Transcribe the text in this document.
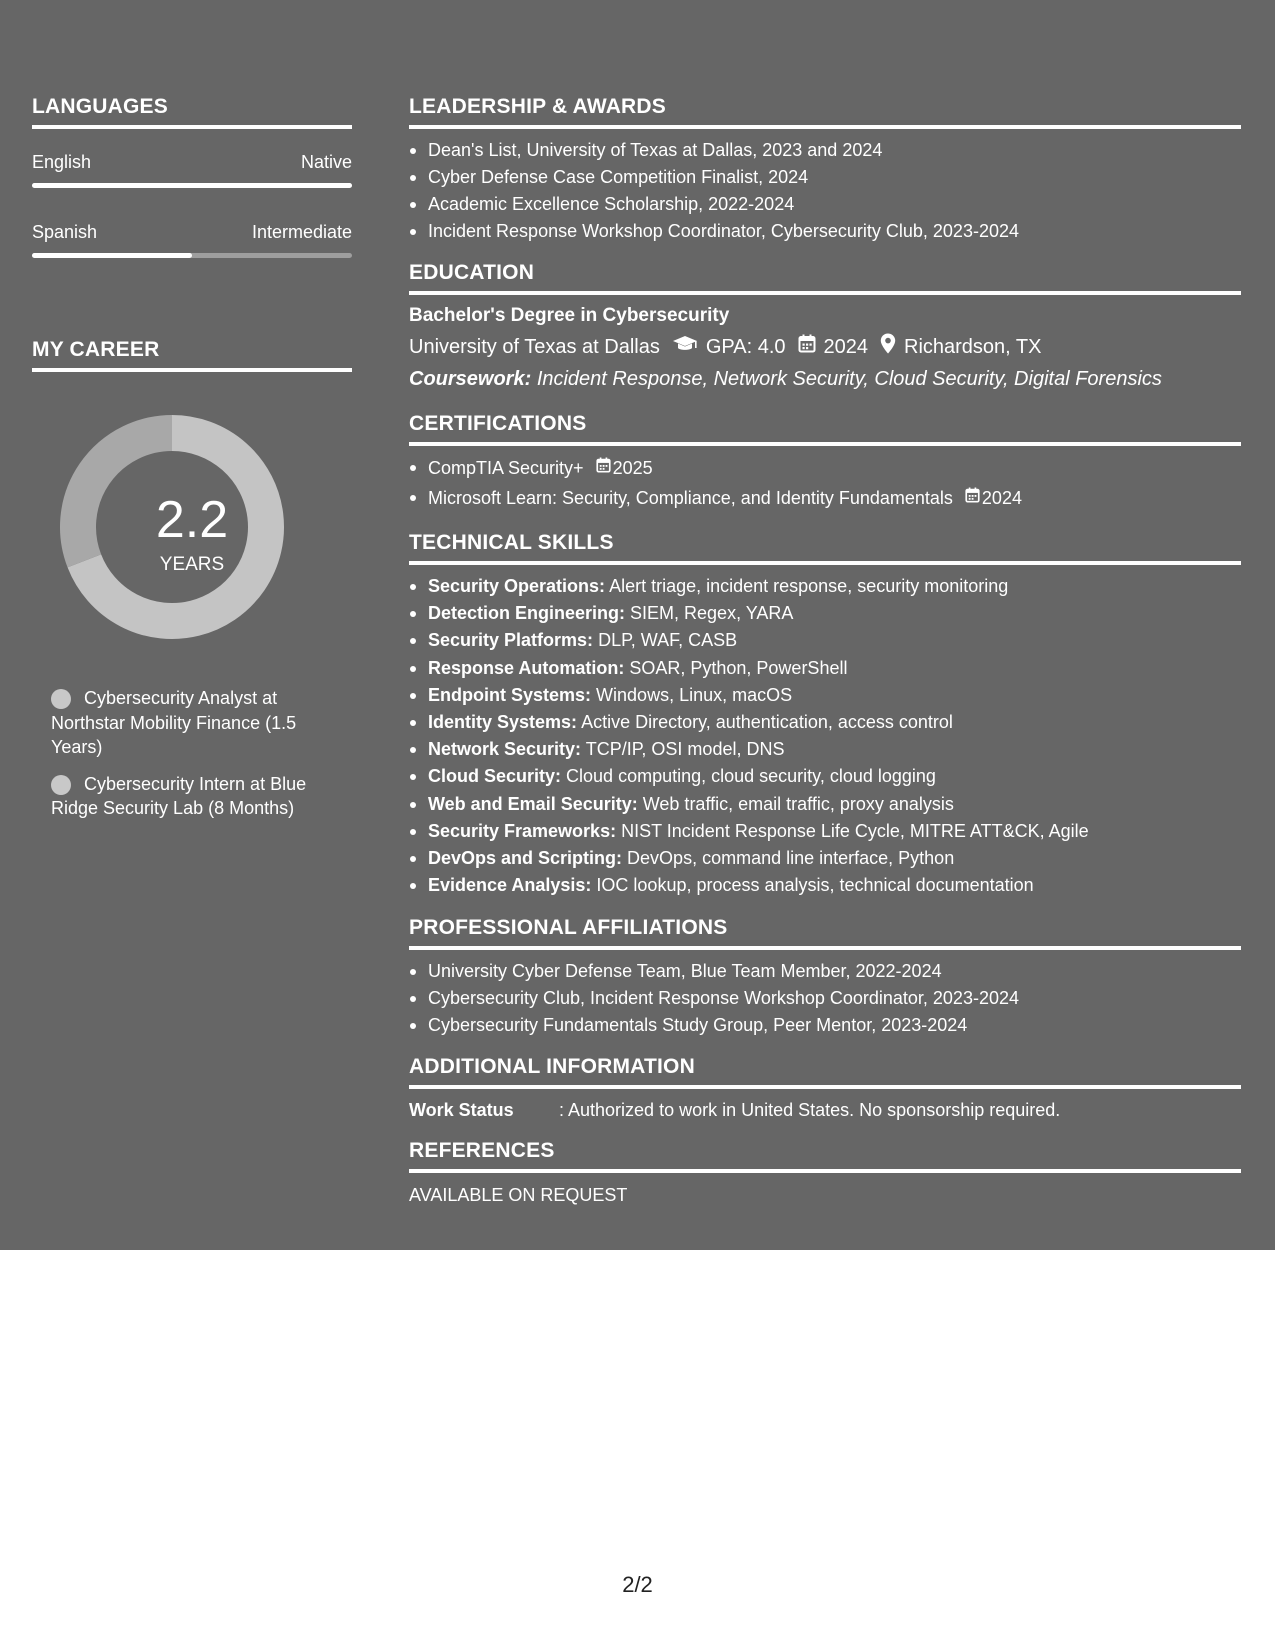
LANGUAGES
English	Native
Spanish	Intermediate
MY CAREER
2.2
YEARS
Cybersecurity Analyst at Northstar Mobility Finance (1.5 Years)
Cybersecurity Intern at Blue Ridge Security Lab (8 Months)
LEADERSHIP & AWARDS
Dean's List, University of Texas at Dallas, 2023 and 2024
Cyber Defense Case Competition Finalist, 2024
Academic Excellence Scholarship, 2022-2024
Incident Response Workshop Coordinator, Cybersecurity Club, 2023-2024
EDUCATION
Bachelor's Degree in Cybersecurity
University of Texas at Dallas GPA: 4.0 2024 Richardson, TX
Coursework: Incident Response, Network Security, Cloud Security, Digital Forensics
CERTIFICATIONS
CompTIA Security+ 2025
Microsoft Learn: Security, Compliance, and Identity Fundamentals 2024
TECHNICAL SKILLS
Security Operations: Alert triage, incident response, security monitoring
Detection Engineering: SIEM, Regex, YARA
Security Platforms: DLP, WAF, CASB
Response Automation: SOAR, Python, PowerShell
Endpoint Systems: Windows, Linux, macOS
Identity Systems: Active Directory, authentication, access control
Network Security: TCP/IP, OSI model, DNS
Cloud Security: Cloud computing, cloud security, cloud logging
Web and Email Security: Web traffic, email traffic, proxy analysis
Security Frameworks: NIST Incident Response Life Cycle, MITRE ATT&CK, Agile
DevOps and Scripting: DevOps, command line interface, Python
Evidence Analysis: IOC lookup, process analysis, technical documentation
PROFESSIONAL AFFILIATIONS
University Cyber Defense Team, Blue Team Member, 2022-2024
Cybersecurity Club, Incident Response Workshop Coordinator, 2023-2024
Cybersecurity Fundamentals Study Group, Peer Mentor, 2023-2024
ADDITIONAL INFORMATION
Work Status	: Authorized to work in United States. No sponsorship required.
REFERENCES
AVAILABLE ON REQUEST
2/2
